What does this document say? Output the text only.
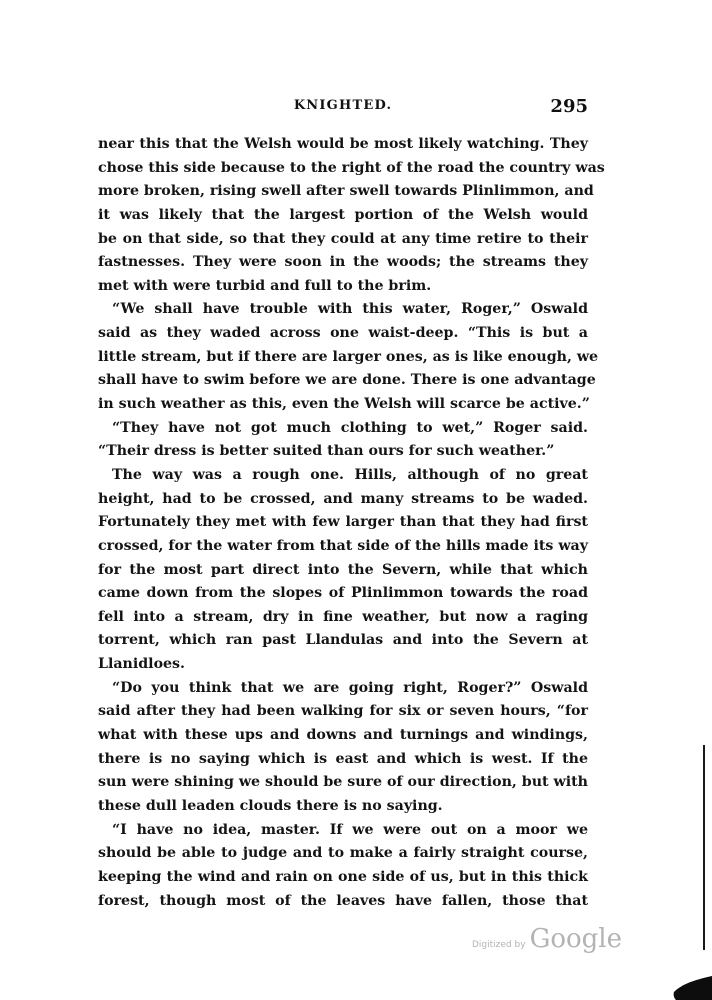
KNIGHTED.	295
near this that the Welsh would be most likely watching. They
chose this side because to the right of the road the country was
more broken, rising swell after swell towards Plinlimmon, and
it was likely that the largest portion of the Welsh would
be on that side, so that they could at any time retire to their
fastnesses. They were soon in the woods; the streams they
met with were turbid and full to the brim.
“We shall have trouble with this water, Roger,” Oswald
said as they waded across one waist-deep. “This is but a
little stream, but if there are larger ones, as is like enough, we
shall have to swim before we are done. There is one advantage
in such weather as this, even the Welsh will scarce be active.”
“They have not got much clothing to wet,” Roger said.
“Their dress is better suited than ours for such weather.”
The way was a rough one. Hills, although of no great
height, had to be crossed, and many streams to be waded.
Fortunately they met with few larger than that they had first
crossed, for the water from that side of the hills made its way
for the most part direct into the Severn, while that which
came down from the slopes of Plinlimmon towards the road
fell into a stream, dry in fine weather, but now a raging
torrent, which ran past Llandulas and into the Severn at
Llanidloes.
“Do you think that we are going right, Roger?” Oswald
said after they had been walking for six or seven hours, “for
what with these ups and downs and turnings and windings,
there is no saying which is east and which is west. If the
sun were shining we should be sure of our direction, but with
these dull leaden clouds there is no saying.
“I have no idea, master. If we were out on a moor we
should be able to judge and to make a fairly straight course,
keeping the wind and rain on one side of us, but in this thick
forest, though most of the leaves have fallen, those that
Digitized by Google
